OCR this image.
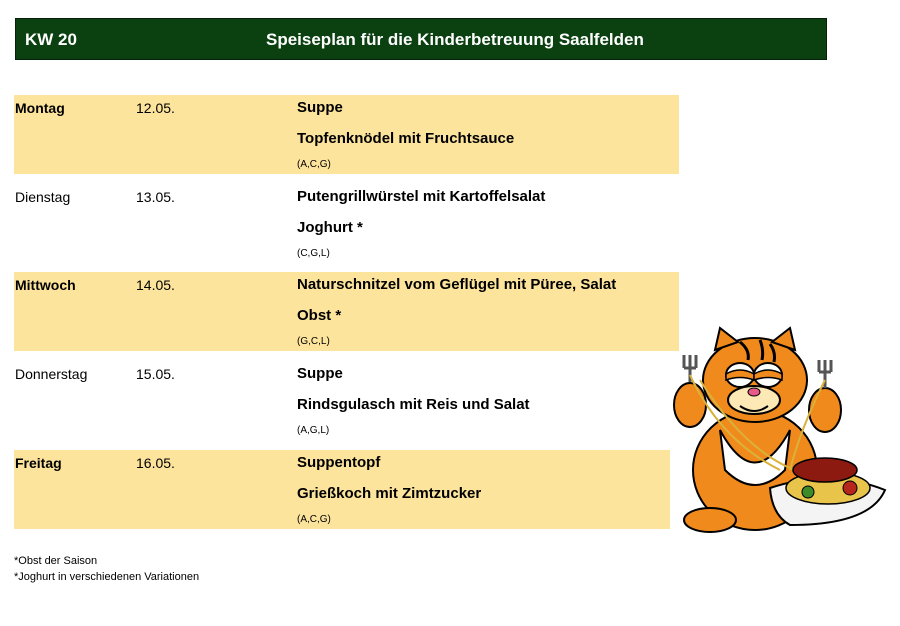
KW 20	Speiseplan für die Kinderbetreuung Saalfelden
Montag	12.05.	Suppe
Topfenknödel mit Fruchtsauce
(A,C,G)
Dienstag	13.05.	Putengrillwürstel mit Kartoffelsalat
Joghurt *
(C,G,L)
Mittwoch	14.05.	Naturschnitzel vom Geflügel mit Püree, Salat
Obst *
(G,C,L)
Donnerstag	15.05.	Suppe
Rindsgulasch mit Reis und Salat
(A,G,L)
Freitag	16.05.	Suppentopf
Grießkoch mit Zimtzucker
(A,C,G)
*Obst der Saison
*Joghurt in verschiedenen Variationen
